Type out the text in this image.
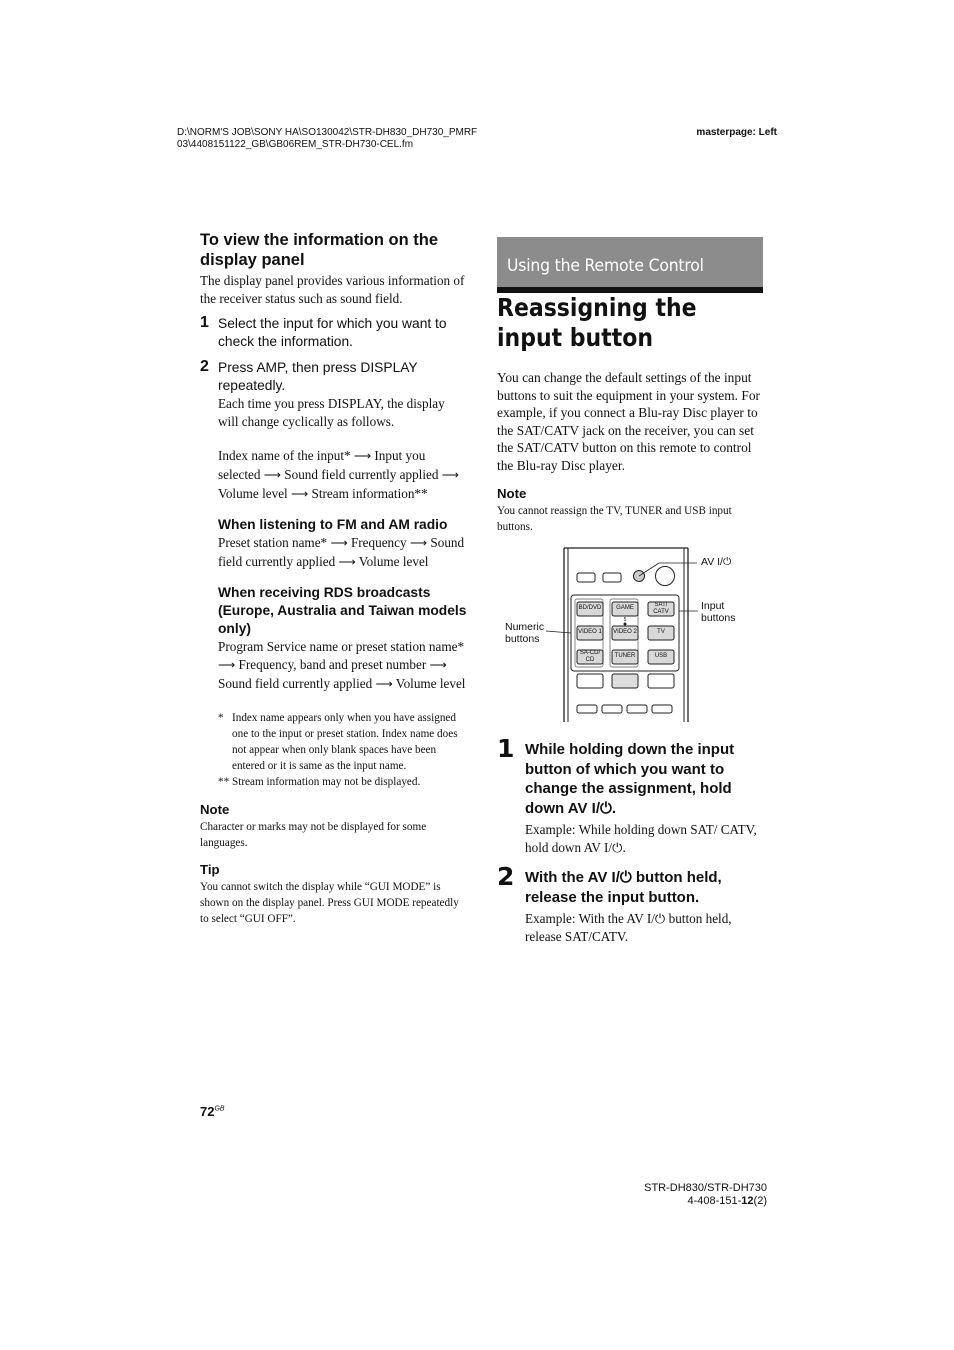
D:\NORM'S JOB\SONY HA\SO130042\STR-DH830_DH730_PMRF
03\4408151122_GB\GB06REM_STR-DH730-CEL.fm
masterpage: Left
To view the information on the display panel

The display panel provides various information of the receiver status such as sound field.

1 Select the input for which you want to check the information.
2 Press AMP, then press DISPLAY repeatedly.

Each time you press DISPLAY, the display will change cyclically as follows.

Index name of the input* ⟶ Input you selected ⟶ Sound field currently applied ⟶ Volume level ⟶ Stream information**

When listening to FM and AM radio

Preset station name* ⟶ Frequency ⟶ Sound field currently applied ⟶ Volume level

When receiving RDS broadcasts (Europe, Australia and Taiwan models only)

Program Service name or preset station name* ⟶ Frequency, band and preset number ⟶ Sound field currently applied ⟶ Volume level

* Index name appears only when you have assigned one to the input or preset station. Index name does not appear when only blank spaces have been entered or it is same as the input name.
** Stream information may not be displayed.

Note

Character or marks may not be displayed for some languages.

Tip

You cannot switch the display while “GUI MODE” is shown on the display panel. Press GUI MODE repeatedly to select “GUI OFF”.

Using the Remote Control
Reassigning the input button

You can change the default settings of the input buttons to suit the equipment in your system. For example, if you connect a Blu-ray Disc player to the SAT/CATV jack on the receiver, you can set the SAT/CATV button on this remote to control the Blu-ray Disc player.

Note

You cannot reassign the TV, TUNER and USB input buttons.

BD/DVD	GAME	SAT/
CATV
VIDEO 1 VIDEO 2	TV
SA-CD/
CD
TUNER	USB
5
AV I/⏻
Input
buttons
Numeric
buttons
1 While holding down the input button of which you want to change the assignment, hold down AV I/⏻.

Example: While holding down SAT/ CATV, hold down AV I/⏻.

2 With the AV I/⏻ button held, release the input button.

Example: With the AV I/⏻ button held, release SAT/CATV.

$72^{GB}$
STR-DH830/STR-DH730
4-408-151-12(2)
